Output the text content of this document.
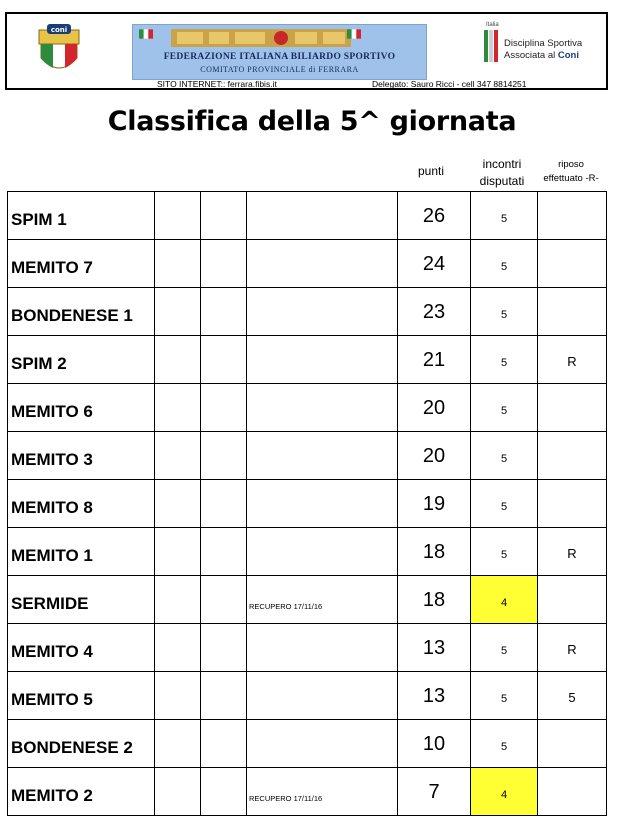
coni
FEDERAZIONE ITALIANA BILIARDO SPORTIVO
COMITATO PROVINCIALE di FERRARA
Italia
Disciplina Sportiva
Associata al Coni
SITO INTERNET:: ferrara.fibis.it	Delegato: Sauro Ricci - cell 347 8814251
Classifica della 5^ giornata
punti	incontri
disputati
riposo
effettuato -R-
SPIM 1				26	5	
MEMITO 7				24	5	
BONDENESE 1				23	5	
SPIM 2				21	5	R
MEMITO 6				20	5	
MEMITO 3				20	5	
MEMITO 8				19	5	
MEMITO 1				18	5	R
SERMIDE			RECUPERO 17/11/16	18	4	
MEMITO 4				13	5	R
MEMITO 5				13	5	5
BONDENESE 2				10	5	
MEMITO 2			RECUPERO 17/11/16	7	4	
